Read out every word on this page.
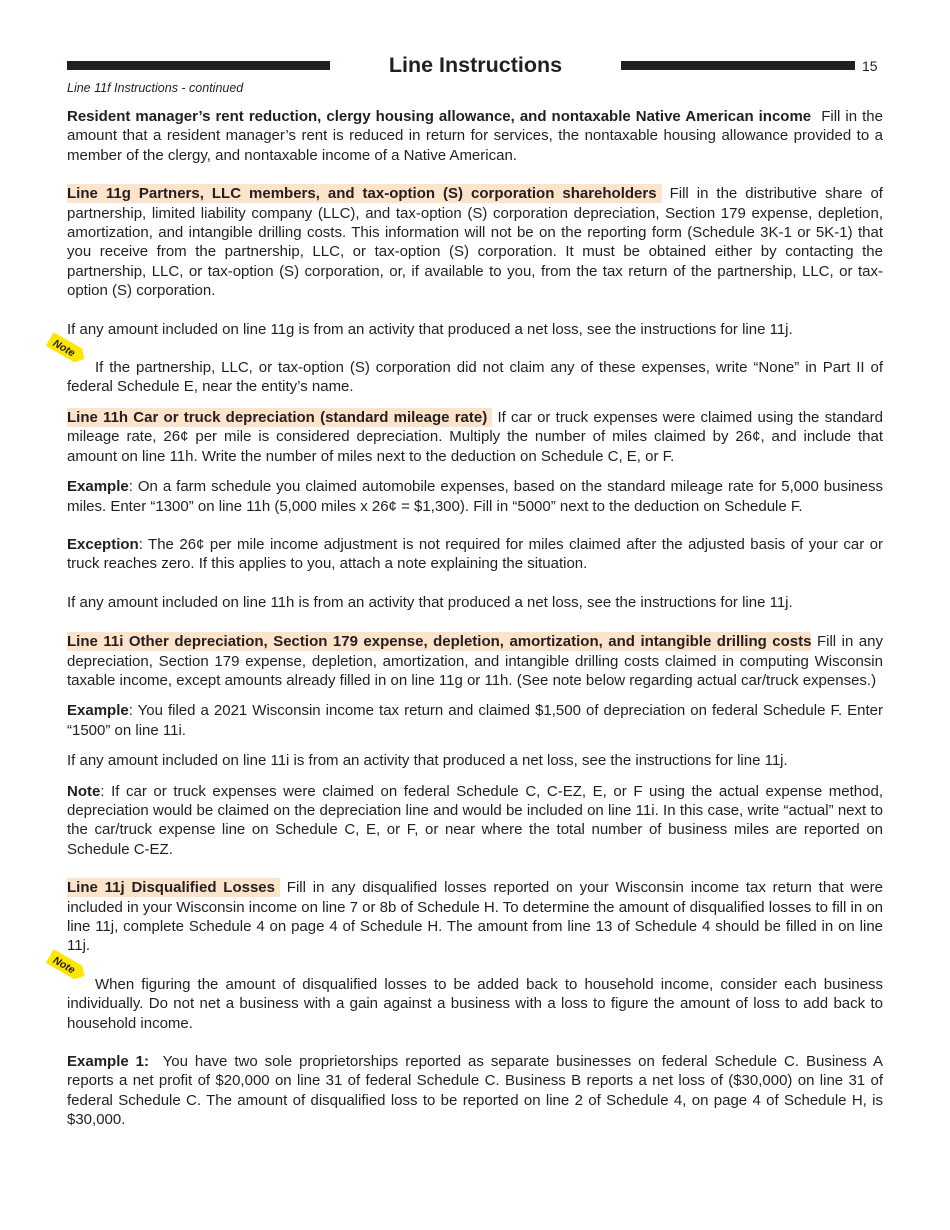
Line Instructions	15
Line 11f Instructions - continued

Resident manager’s rent reduction, clergy housing allowance, and nontaxable Native American income Fill in the amount that a resident manager’s rent is reduced in return for services, the nontaxable housing allowance provided to a member of the clergy, and nontaxable income of a Native American.

Line 11g Partners, LLC members, and tax-option (S) corporation shareholders Fill in the distributive share of partnership, limited liability company (LLC), and tax-option (S) corporation depreciation, Section 179 expense, depletion, amortization, and intangible drilling costs. This information will not be on the reporting form (Schedule 3K-1 or 5K-1) that you receive from the partnership, LLC, or tax-option (S) corporation. It must be obtained either by contacting the partnership, LLC, or tax-option (S) corporation, or, if available to you, from the tax return of the partnership, LLC, or tax-option (S) corporation.

If any amount included on line 11g is from an activity that produced a net loss, see the instructions for line 11j.

Note

If the partnership, LLC, or tax-option (S) corporation did not claim any of these expenses, write “None” in Part II of federal Schedule E, near the entity’s name.

Line 11h Car or truck depreciation (standard mileage rate) If car or truck expenses were claimed using the standard mileage rate, 26¢ per mile is considered depreciation. Multiply the number of miles claimed by 26¢, and include that amount on line 11h. Write the number of miles next to the deduction on Schedule C, E, or F.

Example: On a farm schedule you claimed automobile expenses, based on the standard mileage rate for 5,000 business miles. Enter “1300” on line 11h (5,000 miles x 26¢ = $1,300). Fill in “5000” next to the deduction on Schedule F.

Exception: The 26¢ per mile income adjustment is not required for miles claimed after the adjusted basis of your car or truck reaches zero. If this applies to you, attach a note explaining the situation.

If any amount included on line 11h is from an activity that produced a net loss, see the instructions for line 11j.

Line 11i Other depreciation, Section 179 expense, depletion, amortization, and intangible drilling costs Fill in any depreciation, Section 179 expense, depletion, amortization, and intangible drilling costs claimed in computing Wisconsin taxable income, except amounts already filled in on line 11g or 11h. (See note below regarding actual car/truck expenses.)

Example: You filed a 2021 Wisconsin income tax return and claimed $1,500 of depreciation on federal Schedule F. Enter “1500” on line 11i.

If any amount included on line 11i is from an activity that produced a net loss, see the instructions for line 11j.

Note: If car or truck expenses were claimed on federal Schedule C, C-EZ, E, or F using the actual expense method, depreciation would be claimed on the depreciation line and would be included on line 11i. In this case, write “actual” next to the car/truck expense line on Schedule C, E, or F, or near where the total number of business miles are reported on Schedule C-EZ.

Line 11j Disqualified Losses Fill in any disqualified losses reported on your Wisconsin income tax return that were included in your Wisconsin income on line 7 or 8b of Schedule H. To determine the amount of disqualified losses to fill in on line 11j, complete Schedule 4 on page 4 of Schedule H. The amount from line 13 of Schedule 4 should be filled in on line 11j.

Note

When figuring the amount of disqualified losses to be added back to household income, consider each business individually. Do not net a business with a gain against a business with a loss to figure the amount of loss to add back to household income.

Example 1: You have two sole proprietorships reported as separate businesses on federal Schedule C. Business A reports a net profit of $20,000 on line 31 of federal Schedule C. Business B reports a net loss of ($30,000) on line 31 of federal Schedule C. The amount of disqualified loss to be reported on line 2 of Schedule 4, on page 4 of Schedule H, is $30,000.
